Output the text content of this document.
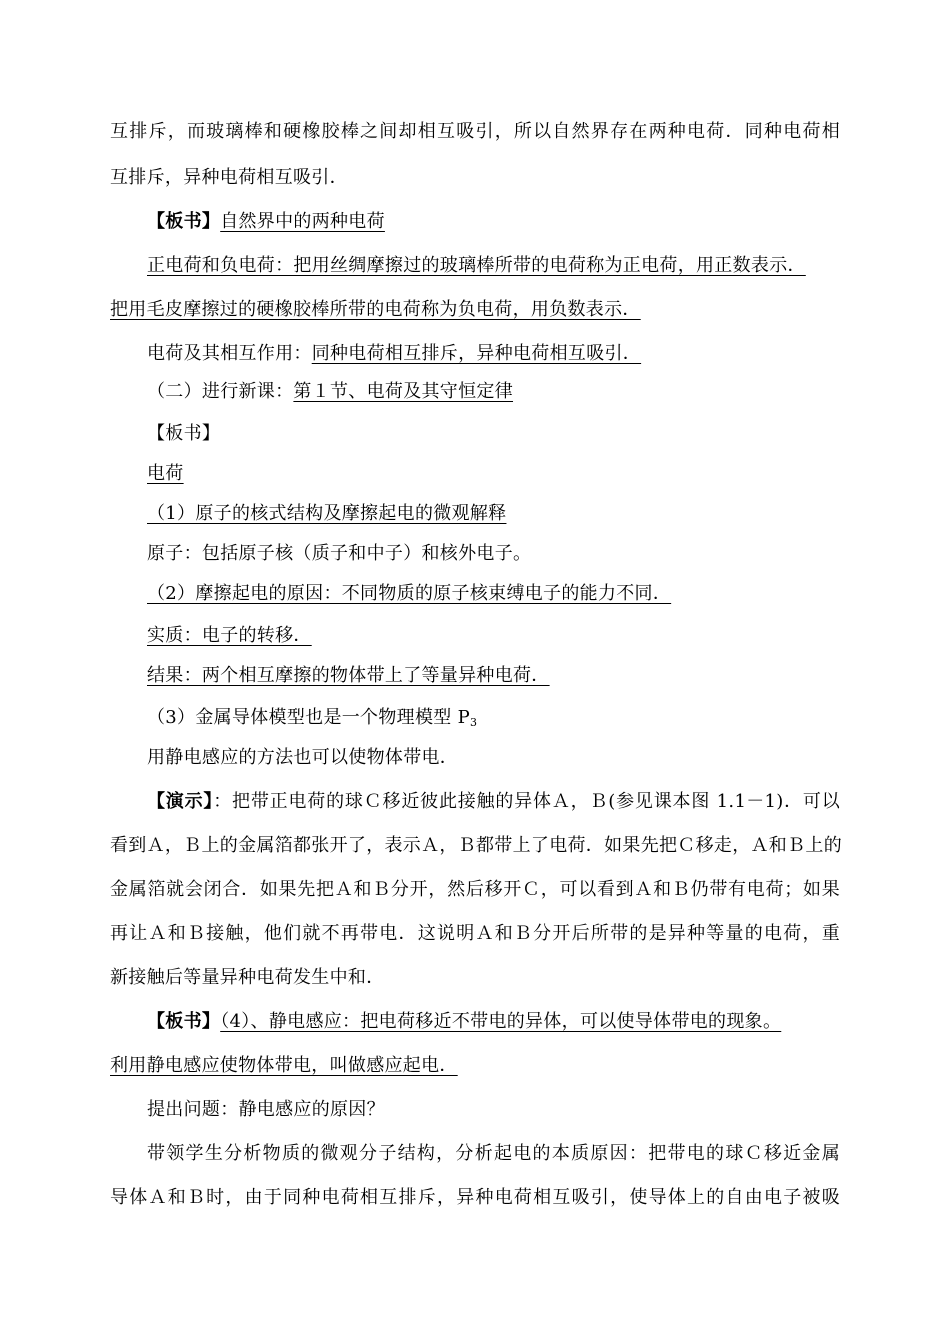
互排斥，而玻璃棒和硬橡胶棒之间却相互吸引，所以自然界存在两种电荷．同种电荷相
互排斥，异种电荷相互吸引．
【板书】自然界中的两种电荷
正电荷和负电荷：把用丝绸摩擦过的玻璃棒所带的电荷称为正电荷，用正数表示．
把用毛皮摩擦过的硬橡胶棒所带的电荷称为负电荷，用负数表示．
电荷及其相互作用：同种电荷相互排斥，异种电荷相互吸引．
（二）进行新课：第１节、电荷及其守恒定律
【板书】
电荷
（1）原子的核式结构及摩擦起电的微观解释
原子：包括原子核（质子和中子）和核外电子。
（2）摩擦起电的原因：不同物质的原子核束缚电子的能力不同．
实质：电子的转移．
结果：两个相互摩擦的物体带上了等量异种电荷．
（3）金属导体模型也是一个物理模型 $P_3$
用静电感应的方法也可以使物体带电．
【演示】：把带正电荷的球Ｃ移近彼此接触的异体Ａ，Ｂ(参见课本图 1.1－1)．可以
看到Ａ，Ｂ上的金属箔都张开了，表示Ａ，Ｂ都带上了电荷．如果先把Ｃ移走，Ａ和Ｂ上的
金属箔就会闭合．如果先把Ａ和Ｂ分开，然后移开Ｃ，可以看到Ａ和Ｂ仍带有电荷；如果
再让Ａ和Ｂ接触，他们就不再带电．这说明Ａ和Ｂ分开后所带的是异种等量的电荷，重
新接触后等量异种电荷发生中和．
【板书】（4）、静电感应：把电荷移近不带电的异体，可以使导体带电的现象。
利用静电感应使物体带电，叫做感应起电．
提出问题：静电感应的原因？
带领学生分析物质的微观分子结构，分析起电的本质原因：把带电的球Ｃ移近金属
导体Ａ和Ｂ时，由于同种电荷相互排斥，异种电荷相互吸引，使导体上的自由电子被吸
